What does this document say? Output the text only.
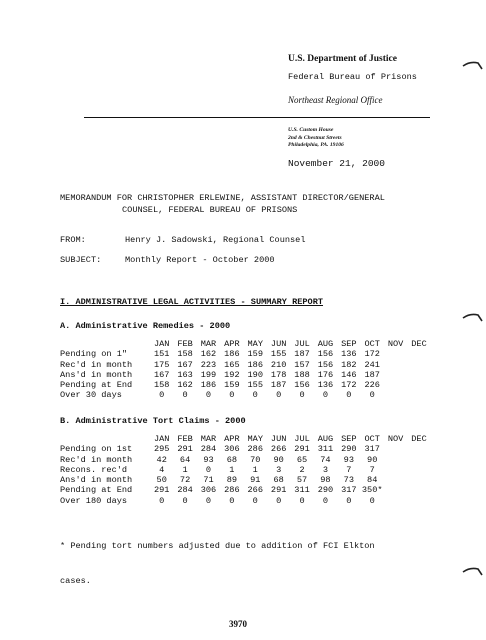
U.S. Department of Justice
Federal Bureau of Prisons
Northeast Regional Office
U.S. Custom House
2nd & Chestnut Streets
Philadelphia, PA. 19106
November 21, 2000
MEMORANDUM FOR CHRISTOPHER ERLEWINE, ASSISTANT DIRECTOR/GENERAL
COUNSEL, FEDERAL BUREAU OF PRISONS
FROM:	Henry J. Sadowski, Regional Counsel
SUBJECT:	Monthly Report - October 2000
I. ADMINISTRATIVE LEGAL ACTIVITIES - SUMMARY REPORT
A. Administrative Remedies - 2000
	JAN	FEB	MAR	APR	MAY	JUN	JUL	AUG	SEP	OCT	NOV	DEC
Pending on 1"	151	158	162	186	159	155	187	156	136	172		
Rec'd in month	175	167	223	165	186	210	157	156	182	241		
Ans'd in month	167	163	199	192	190	178	188	176	146	187		
Pending at End	158	162	186	159	155	187	156	136	172	226		
Over 30 days	0	0	0	0	0	0	0	0	0	0		
B. Administrative Tort Claims - 2000
	JAN	FEB	MAR	APR	MAY	JUN	JUL	AUG	SEP	OCT	NOV	DEC
Pending on 1st	295	291	284	306	286	266	291	311	290	317		
Rec'd in month	42	64	93	68	70	90	65	74	93	90		
Recons. rec'd	4	1	0	1	1	3	2	3	7	7		
Ans'd in month	50	72	71	89	91	68	57	98	73	84		
Pending at End	291	284	306	286	266	291	311	290	317	350*		
Over 180 days	0	0	0	0	0	0	0	0	0	0		

* Pending tort numbers adjusted due to addition of FCI Elkton

cases.

3970
